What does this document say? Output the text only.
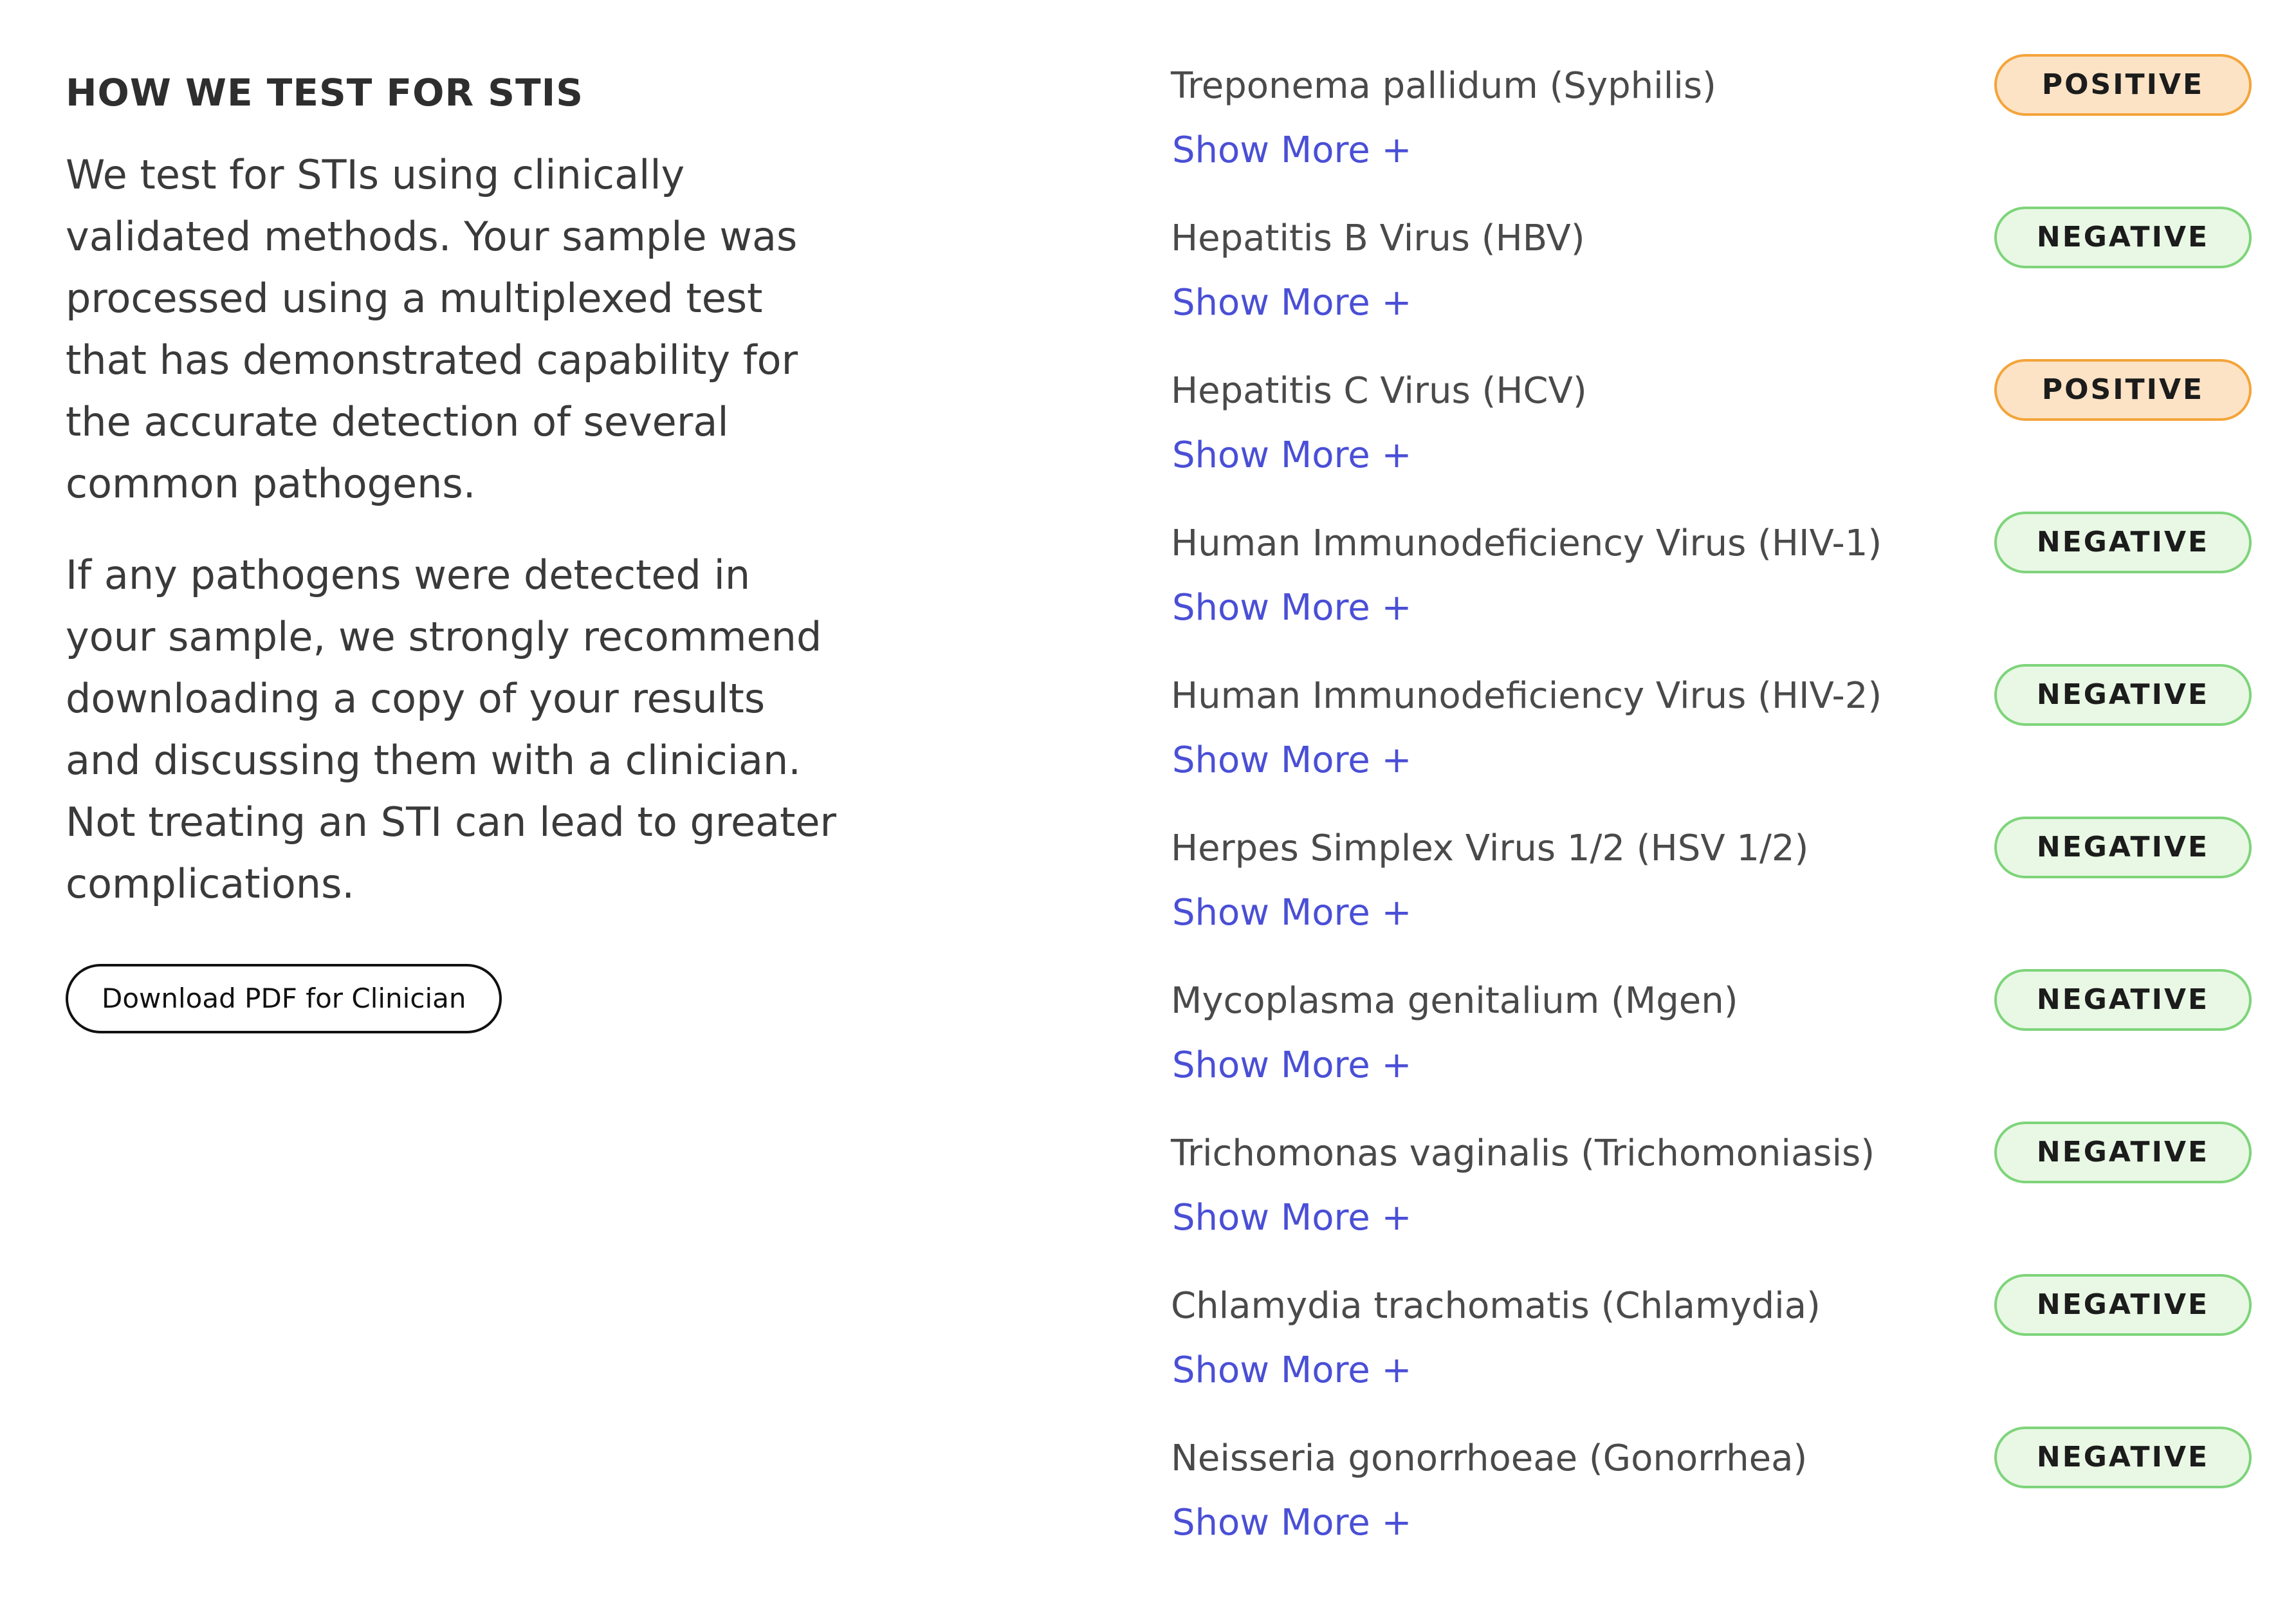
HOW WE TEST FOR STIS

We test for STIs using clinically validated methods. Your sample was processed using a multiplexed test that has demonstrated capability for the accurate detection of several common pathogens.

If any pathogens were detected in your sample, we strongly recommend downloading a copy of your results and discussing them with a clinician. Not treating an STI can lead to greater complications.

Download PDF for Clinician
Treponema pallidum (Syphilis)
Show More +
POSITIVE
Hepatitis B Virus (HBV)
Show More +
NEGATIVE
Hepatitis C Virus (HCV)
Show More +
POSITIVE
Human Immunodeficiency Virus (HIV-1)
Show More +
NEGATIVE
Human Immunodeficiency Virus (HIV-2)
Show More +
NEGATIVE
Herpes Simplex Virus 1/2 (HSV 1/2)
Show More +
NEGATIVE
Mycoplasma genitalium (Mgen)
Show More +
NEGATIVE
Trichomonas vaginalis (Trichomoniasis)
Show More +
NEGATIVE
Chlamydia trachomatis (Chlamydia)
Show More +
NEGATIVE
Neisseria gonorrhoeae (Gonorrhea)
Show More +
NEGATIVE
